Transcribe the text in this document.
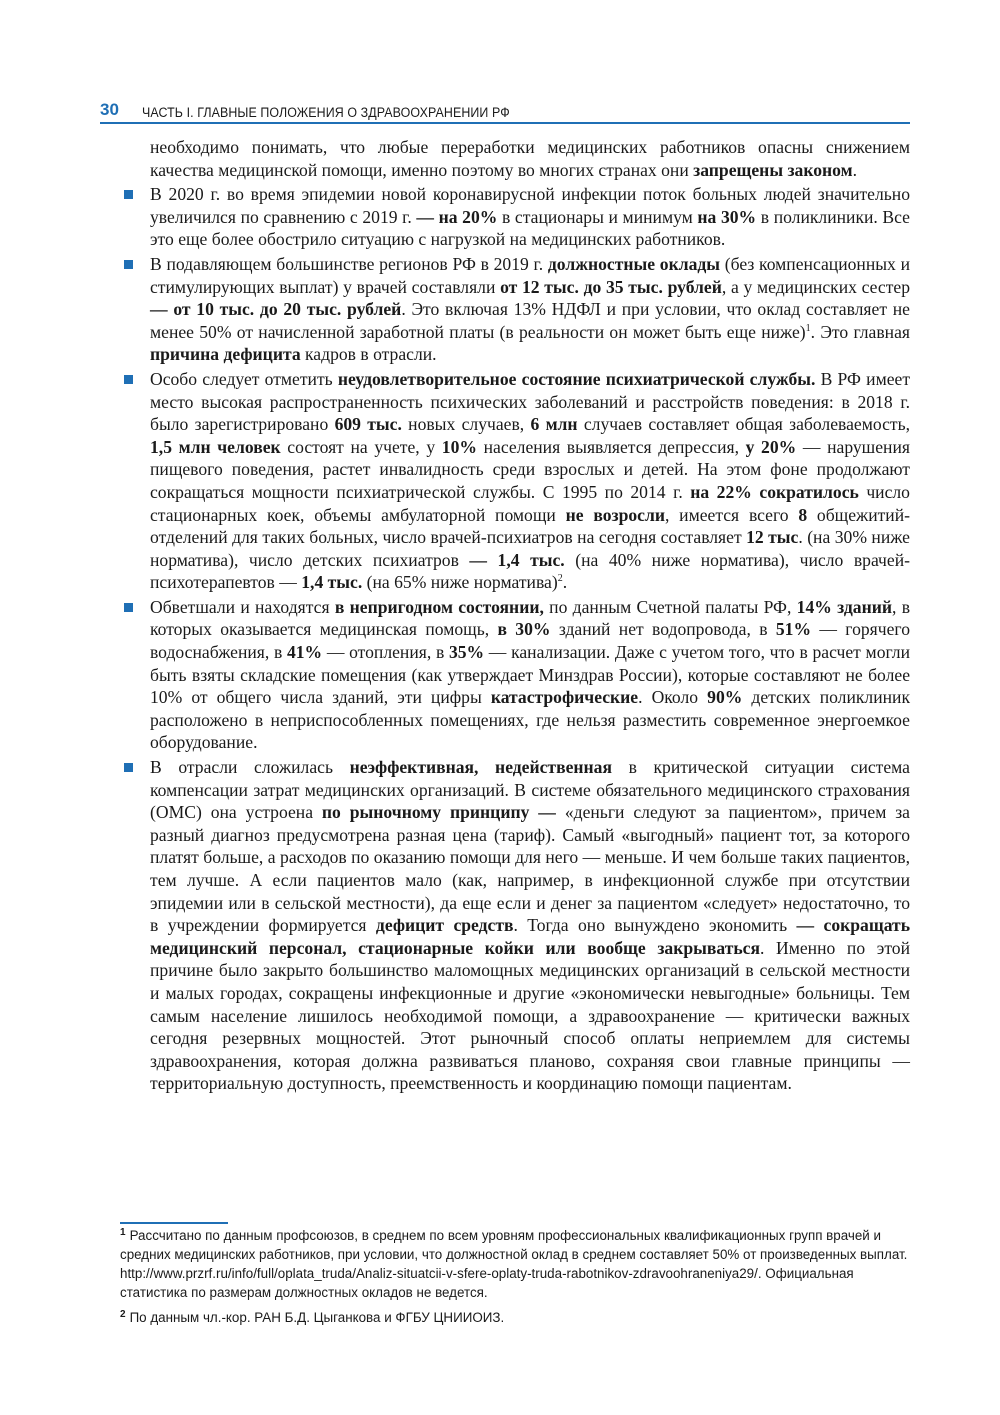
30	ЧАСТЬ I. ГЛАВНЫЕ ПОЛОЖЕНИЯ О ЗДРАВООХРАНЕНИИ РФ

необходимо понимать, что любые переработки медицинских работников опасны снижением качества медицинской помощи, именно поэтому во многих странах они запрещены законом.

В 2020 г. во время эпидемии новой коронавирусной инфекции поток больных людей значительно увеличился по сравнению с 2019 г. — на 20% в стационары и минимум на 30% в поликлиники. Все это еще более обострило ситуацию с нагрузкой на медицинских работников.
В подавляющем большинстве регионов РФ в 2019 г. должностные оклады (без компенсационных и стимулирующих выплат) у врачей составляли от 12 тыс. до 35 тыс. рублей, а у медицинских сестер — от 10 тыс. до 20 тыс. рублей. Это включая 13% НДФЛ и при условии, что оклад составляет не менее 50% от начисленной заработной платы (в реальности он может быть еще ниже)$^1$. Это главная причина дефицита кадров в отрасли.
Особо следует отметить неудовлетворительное состояние психиатрической службы. В РФ имеет место высокая распространенность психических заболеваний и расстройств поведения: в 2018 г. было зарегистрировано 609 тыс. новых случаев, 6 млн случаев составляет общая заболеваемость, 1,5 млн человек состоят на учете, у 10% населения выявляется депрессия, у 20% — нарушения пищевого поведения, растет инвалидность среди взрослых и детей. На этом фоне продолжают сокращаться мощности психиатрической службы. С 1995 по 2014 г. на 22% сократилось число стационарных коек, объемы амбулаторной помощи не возросли, имеется всего 8 общежитий-отделений для таких больных, число врачей-психиатров на сегодня составляет 12 тыс. (на 30% ниже норматива), число детских психиатров — 1,4 тыс. (на 40% ниже норматива), число врачей-психотерапевтов — 1,4 тыс. (на 65% ниже норматива)$^2$.
Обветшали и находятся в непригодном состоянии, по данным Счетной палаты РФ, 14% зданий, в которых оказывается медицинская помощь, в 30% зданий нет водопровода, в 51% — горячего водоснабжения, в 41% — отопления, в 35% — канализации. Даже с учетом того, что в расчет могли быть взяты складские помещения (как утверждает Минздрав России), которые составляют не более 10% от общего числа зданий, эти цифры катастрофические. Около 90% детских поликлиник расположено в неприспособленных помещениях, где нельзя разместить современное энергоемкое оборудование.
В отрасли сложилась неэффективная, недейственная в критической ситуации система компенсации затрат медицинских организаций. В системе обязательного медицинского страхования (ОМС) она устроена по рыночному принципу — «деньги следуют за пациентом», причем за разный диагноз предусмотрена разная цена (тариф). Самый «выгодный» пациент тот, за которого платят больше, а расходов по оказанию помощи для него — меньше. И чем больше таких пациентов, тем лучше. А если пациентов мало (как, например, в инфекционной службе при отсутствии эпидемии или в сельской местности), да еще если и денег за пациентом «следует» недостаточно, то в учреждении формируется дефицит средств. Тогда оно вынуждено экономить — сокращать медицинский персонал, стационарные койки или вообще закрываться. Именно по этой причине было закрыто большинство маломощных медицинских организаций в сельской местности и малых городах, сокращены инфекционные и другие «экономически невыгодные» больницы. Тем самым население лишилось необходимой помощи, а здравоохранение — критически важных сегодня резервных мощностей. Этот рыночный способ оплаты неприемлем для системы здравоохранения, которая должна развиваться планово, сохраняя свои главные принципы — территориальную доступность, преемственность и координацию помощи пациентам.

$^1$ Рассчитано по данным профсоюзов, в среднем по всем уровням профессиональных квалификационных групп врачей и средних медицинских работников, при условии, что должностной оклад в среднем составляет 50% от произведенных выплат. http://www.przrf.ru/info/full/oplata_truda/Analiz-situatcii-v-sfere-oplaty-truda-rabotnikov-zdravoohraneniya29/. Официальная статистика по размерам должностных окладов не ведется.

$^2$ По данным чл.-кор. РАН Б.Д. Цыганкова и ФГБУ ЦНИИОИЗ.
